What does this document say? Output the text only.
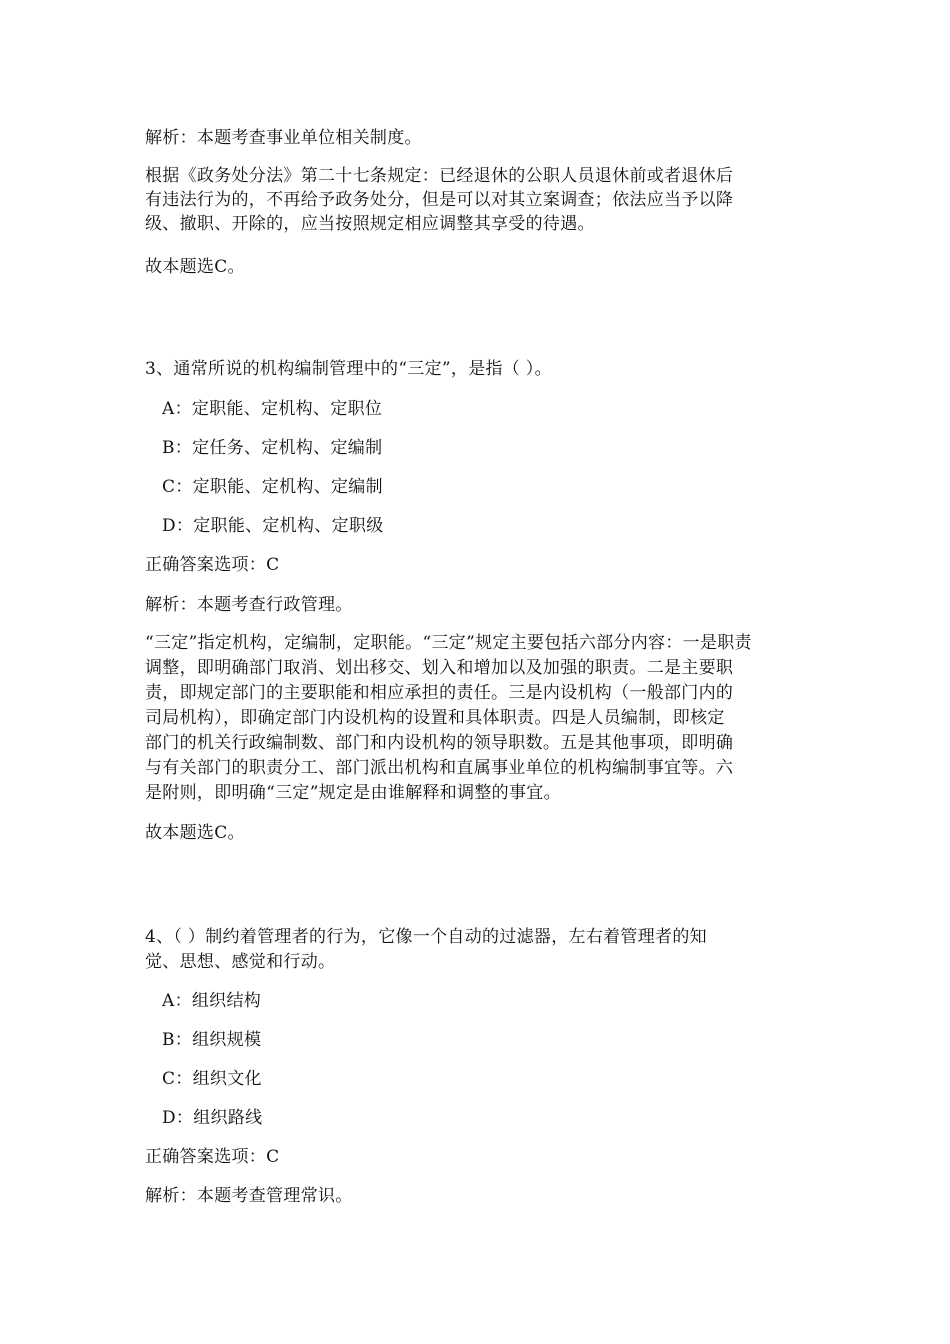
解析：本题考查事业单位相关制度。
根据《政务处分法》第二十七条规定：已经退休的公职人员退休前或者退休后
有违法行为的，不再给予政务处分，但是可以对其立案调查；依法应当予以降
级、撤职、开除的，应当按照规定相应调整其享受的待遇。
故本题选C。
3、通常所说的机构编制管理中的“三定”，是指（ ）。
A：定职能、定机构、定职位
B：定任务、定机构、定编制
C：定职能、定机构、定编制
D：定职能、定机构、定职级
正确答案选项：C
解析：本题考查行政管理。
“三定”指定机构，定编制，定职能。“三定”规定主要包括六部分内容：一是职责
调整，即明确部门取消、划出移交、划入和增加以及加强的职责。二是主要职
责，即规定部门的主要职能和相应承担的责任。三是内设机构（一般部门内的
司局机构），即确定部门内设机构的设置和具体职责。四是人员编制，即核定
部门的机关行政编制数、部门和内设机构的领导职数。五是其他事项，即明确
与有关部门的职责分工、部门派出机构和直属事业单位的机构编制事宜等。六
是附则，即明确“三定”规定是由谁解释和调整的事宜。
故本题选C。
4、（ ）制约着管理者的行为，它像一个自动的过滤器，左右着管理者的知
觉、思想、感觉和行动。
A：组织结构
B：组织规模
C：组织文化
D：组织路线
正确答案选项：C
解析：本题考查管理常识。
